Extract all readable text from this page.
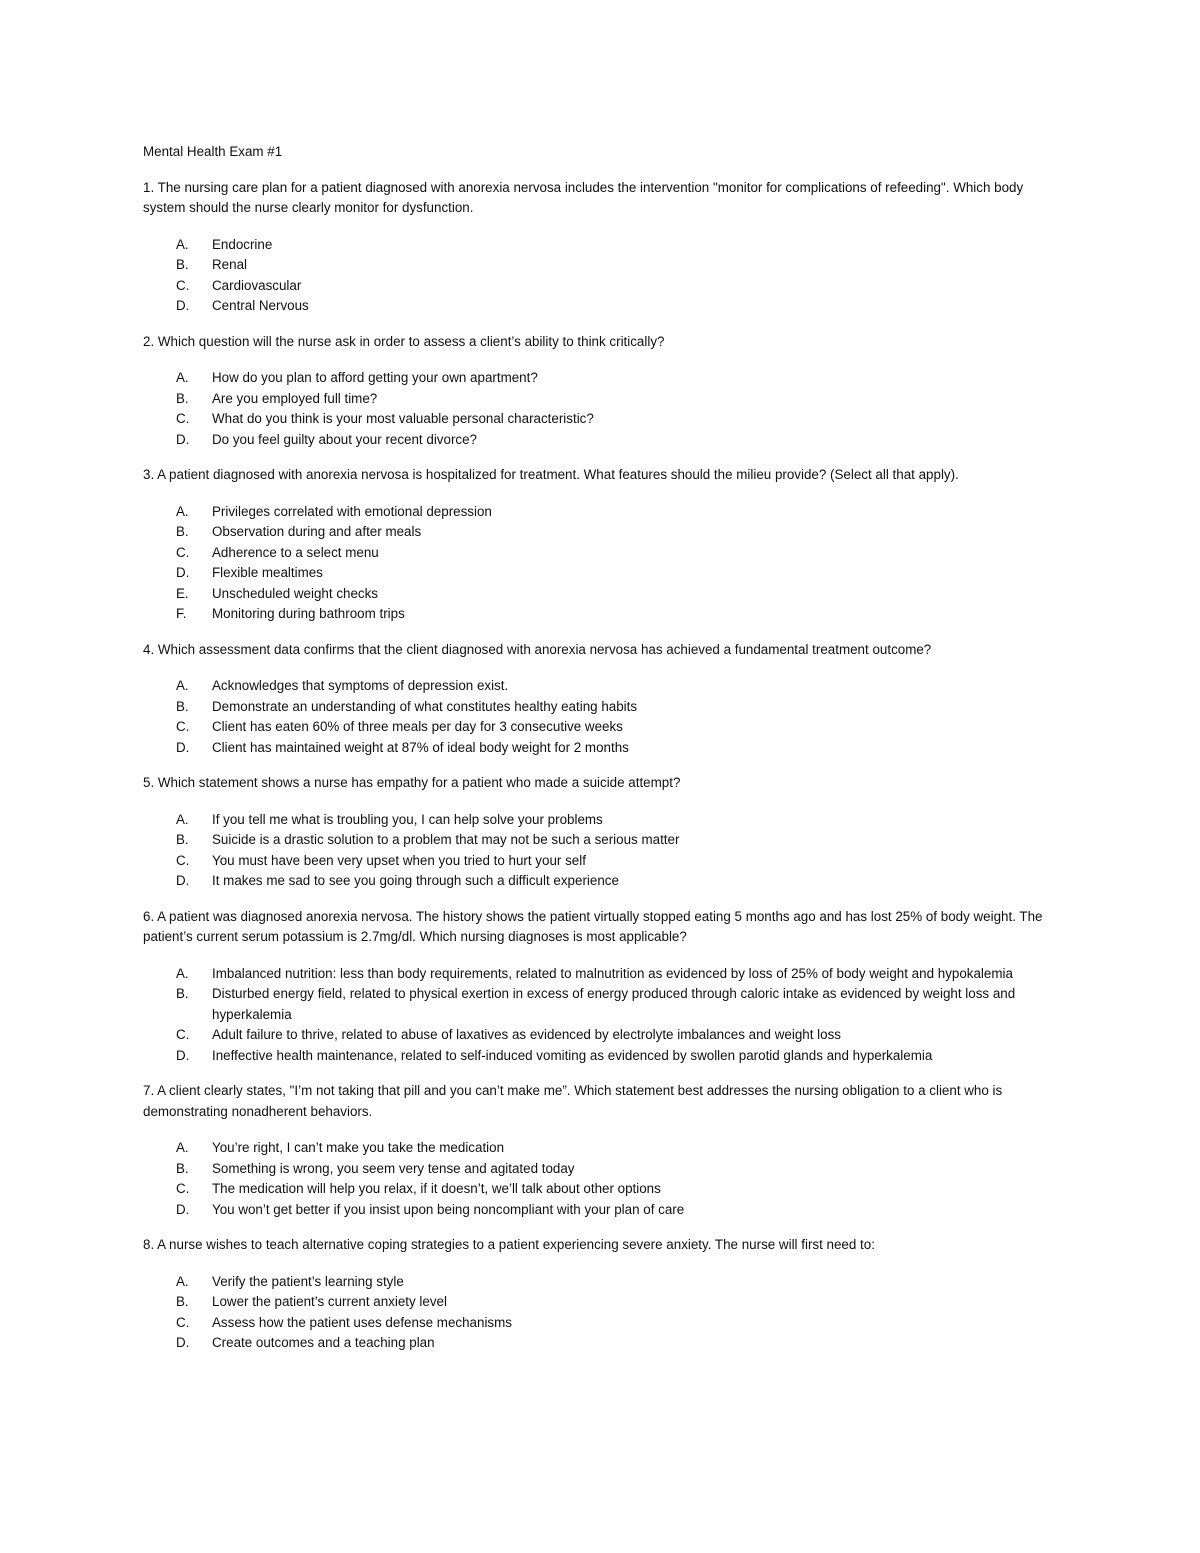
Mental Health Exam #1

1. The nursing care plan for a patient diagnosed with anorexia nervosa includes the intervention "monitor for complications of refeeding". Which body system should the nurse clearly monitor for dysfunction.

A. Endocrine
B. Renal
C. Cardiovascular
D. Central Nervous

2. Which question will the nurse ask in order to assess a client’s ability to think critically?

A. How do you plan to afford getting your own apartment?
B. Are you employed full time?
C. What do you think is your most valuable personal characteristic?
D. Do you feel guilty about your recent divorce?

3. A patient diagnosed with anorexia nervosa is hospitalized for treatment. What features should the milieu provide? (Select all that apply).

A. Privileges correlated with emotional depression
B. Observation during and after meals
C. Adherence to a select menu
D. Flexible mealtimes
E. Unscheduled weight checks
F. Monitoring during bathroom trips

4. Which assessment data confirms that the client diagnosed with anorexia nervosa has achieved a fundamental treatment outcome?

A. Acknowledges that symptoms of depression exist.
B. Demonstrate an understanding of what constitutes healthy eating habits
C. Client has eaten 60% of three meals per day for 3 consecutive weeks
D. Client has maintained weight at 87% of ideal body weight for 2 months

5. Which statement shows a nurse has empathy for a patient who made a suicide attempt?

A. If you tell me what is troubling you, I can help solve your problems
B. Suicide is a drastic solution to a problem that may not be such a serious matter
C. You must have been very upset when you tried to hurt your self
D. It makes me sad to see you going through such a difficult experience

6. A patient was diagnosed anorexia nervosa. The history shows the patient virtually stopped eating 5 months ago and has lost 25% of body weight. The patient’s current serum potassium is 2.7mg/dl. Which nursing diagnoses is most applicable?

A. Imbalanced nutrition: less than body requirements, related to malnutrition as evidenced by loss of 25% of body weight and hypokalemia
B. Disturbed energy field, related to physical exertion in excess of energy produced through caloric intake as evidenced by weight loss and hyperkalemia
C. Adult failure to thrive, related to abuse of laxatives as evidenced by electrolyte imbalances and weight loss
D. Ineffective health maintenance, related to self-induced vomiting as evidenced by swollen parotid glands and hyperkalemia

7. A client clearly states, "I’m not taking that pill and you can’t make me”. Which statement best addresses the nursing obligation to a client who is demonstrating nonadherent behaviors.

A. You’re right, I can’t make you take the medication
B. Something is wrong, you seem very tense and agitated today
C. The medication will help you relax, if it doesn’t, we’ll talk about other options
D. You won’t get better if you insist upon being noncompliant with your plan of care

8. A nurse wishes to teach alternative coping strategies to a patient experiencing severe anxiety. The nurse will first need to:

A. Verify the patient’s learning style
B. Lower the patient’s current anxiety level
C. Assess how the patient uses defense mechanisms
D. Create outcomes and a teaching plan
